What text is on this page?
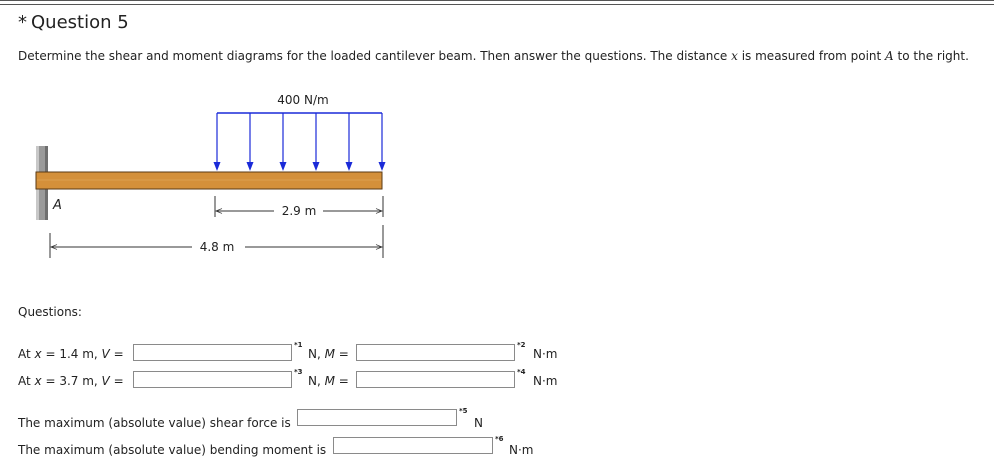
* Question 5
Determine the shear and moment diagrams for the loaded cantilever beam. Then answer the questions. The distance x is measured from point A to the right.
400 N/m
A	2.9 m
4.8 m
Questions:
At x = 1.4 m, V =
*1
N, M =
*2
N·m
At x = 3.7 m, V =
*3
N, M =
*4
N·m
The maximum (absolute value) shear force is
*5
N
The maximum (absolute value) bending moment is
*6
N·m
